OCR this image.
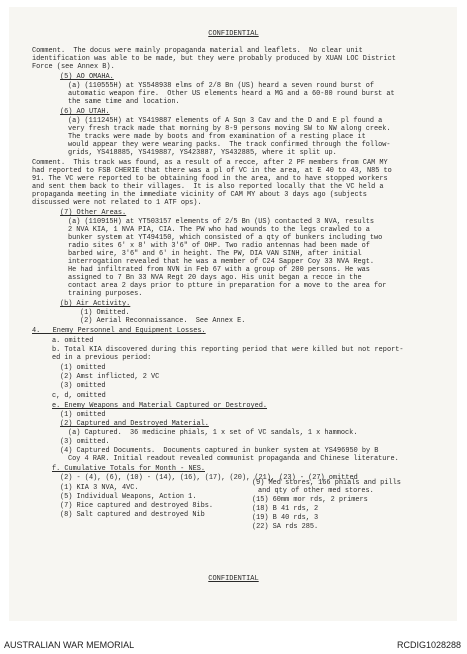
CONFIDENTIAL
Comment.  The docus were mainly propaganda material and leaflets.  No clear unit
identification was able to be made, but they were probably produced by XUAN LOC District
Force (see Annex B).
(5) AO OMAHA.
(a) (110555H) at YS548938 elms of 2/8 Bn (US) heard a seven round burst of
automatic weapon fire.  Other US elements heard a MG and a 60-80 round burst at
the same time and location.
(6) AO UTAH.
(a) (111245H) at YS419887 elements of A Sqn 3 Cav and the D and E pl found a
very fresh track made that morning by 8-9 persons moving SW to NW along creek.
The tracks were made by boots and from examination of a resting place it
would appear they were wearing packs.  The track confirmed through the follow-
grids, YS418885, YS419887, YS423887, YS432885, where it split up.
Comment.  This track was found, as a result of a recce, after 2 PF members from CAM MY
had reported to FSB CHERIE that there was a pl of VC in the area, at E 40 to 43, N85 to
91. The VC were reported to be obtaining food in the area, and to have stopped workers
and sent them back to their villages.  It is also reported locally that the VC held a
propaganda meeting in the immediate vicinity of CAM MY about 3 days ago (subjects
discussed were not related to 1 ATF ops).
(7) Other Areas.
(a) (110915H) at YT503157 elements of 2/5 Bn (US) contacted 3 NVA, results
2 NVA KIA, 1 NVA PIA, CIA. The PW who had wounds to the legs crawled to a
bunker system at YT494150, which consisted of a qty of bunkers including two
radio sites 6' x 8' with 3'6" of OHP. Two radio antennas had been made of
barbed wire, 3'6" and 6' in height. The PW, DIA VAN SINH, after initial
interrogation revealed that he was a member of C24 Sapper Coy 33 NVA Regt.
He had infiltrated from NVN in Feb 67 with a group of 200 persons. He was
assigned to 7 Bn 33 NVA Regt 20 days ago. His unit began a recce in the
contact area 2 days prior to ptture in preparation for a move to the area for
training purposes.
(b) Air Activity.
(1) Omitted.
(2) Aerial Reconnaissance.  See Annex E.
4.   Enemy Personnel and Equipment Losses.
a. omitted
b. Total KIA discovered during this reporting period that were killed but not report-
ed in a previous period:
(1) omitted
(2) Amst inflicted, 2 VC
(3) omitted
c, d, omitted
e. Enemy Weapons and Material Captured or Destroyed.
(1) omitted
(2) Captured and Destroyed Material.
(a) Captured.  36 medicine phials, 1 x set of VC sandals, 1 x hammock.
(3) omitted.
(4) Captured Documents.  Documents captured in bunker system at YS496950 by B
Coy 4 RAR. Initial readout revealed communist propaganda and Chinese literature.
f. Cumulative Totals for Month - NES.
(2) - (4), (6), (10) - (14), (16), (17), (20), (21), (23) - (27) omitted
(1) KIA 3 NVA, 4VC.
(5) Individual Weapons, Action 1.
(7) Rice captured and destroyed 8ibs.
(8) Salt captured and destroyed Nib
(9) Med stores, 166 phials and pills
and qty of other med stores.
(15) 60mm mor rds, 2 primers
(18) B 41 rds, 2
(19) B 40 rds, 3
(22) SA rds 285.
CONFIDENTIAL
AUSTRALIAN WAR MEMORIAL	RCDIG1028288
